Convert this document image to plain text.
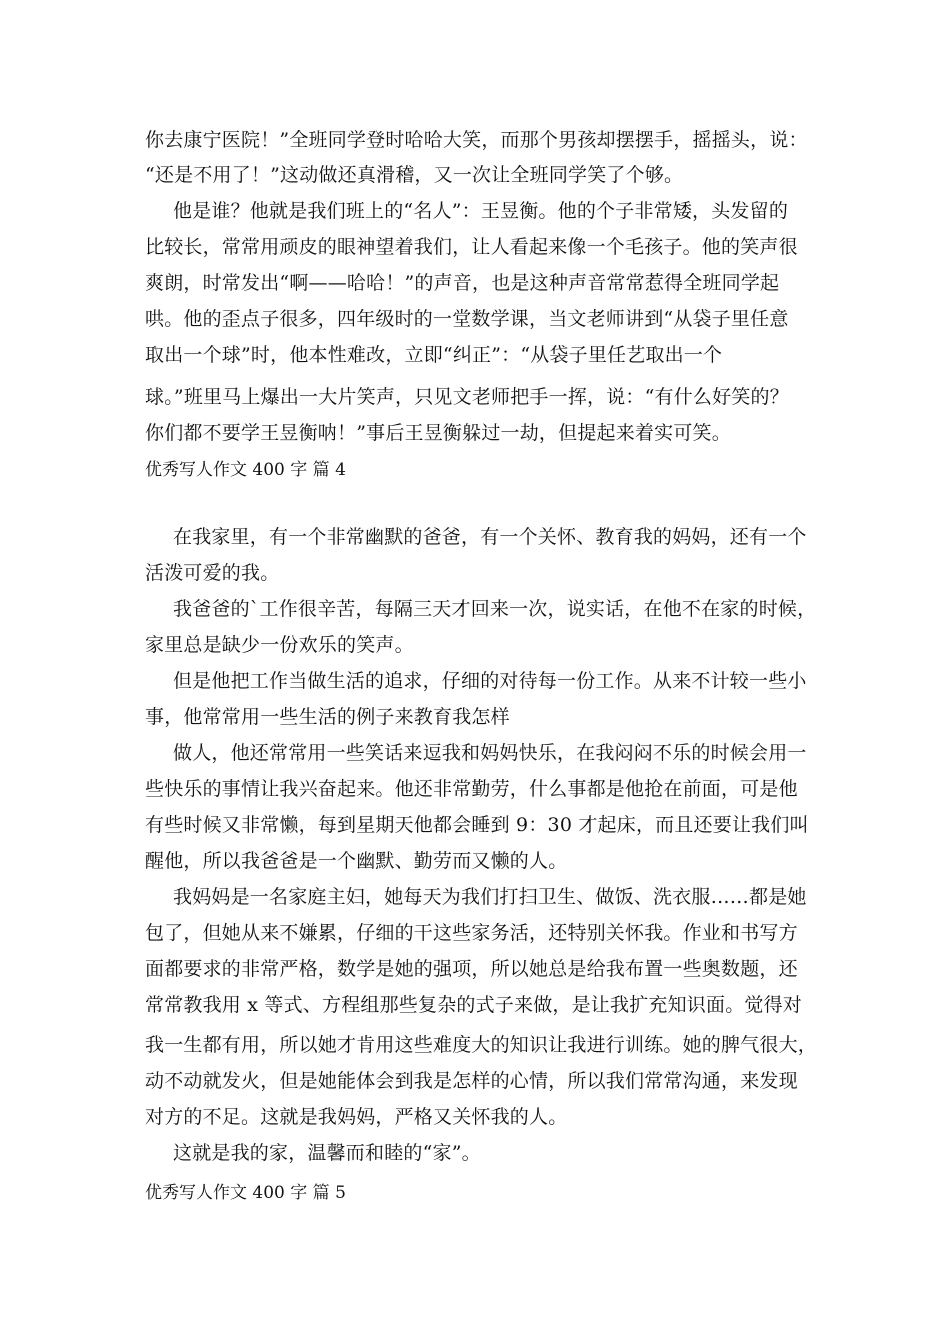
你去康宁医院！”全班同学登时哈哈大笑，而那个男孩却摆摆手，摇摇头，说：
“还是不用了！”这动做还真滑稽，又一次让全班同学笑了个够。
他是谁？他就是我们班上的“名人”：王昱衡。他的个子非常矮，头发留的
比较长，常常用顽皮的眼神望着我们，让人看起来像一个毛孩子。他的笑声很
爽朗，时常发出“啊——哈哈！”的声音，也是这种声音常常惹得全班同学起
哄。他的歪点子很多，四年级时的一堂数学课，当文老师讲到“从袋子里任意
取出一个球”时，他本性难改，立即“纠正”：“从袋子里任艺取出一个
球。”班里马上爆出一大片笑声，只见文老师把手一挥，说：“有什么好笑的？
你们都不要学王昱衡呐！”事后王昱衡躲过一劫，但提起来着实可笑。
优秀写人作文 400 字 篇 4
在我家里，有一个非常幽默的爸爸，有一个关怀、教育我的妈妈，还有一个
活泼可爱的我。
我爸爸的`工作很辛苦，每隔三天才回来一次，说实话，在他不在家的时候，
家里总是缺少一份欢乐的笑声。
但是他把工作当做生活的追求，仔细的对待每一份工作。从来不计较一些小
事，他常常用一些生活的例子来教育我怎样
做人，他还常常用一些笑话来逗我和妈妈快乐，在我闷闷不乐的时候会用一
些快乐的事情让我兴奋起来。他还非常勤劳，什么事都是他抢在前面，可是他
有些时候又非常懒，每到星期天他都会睡到 9：30 才起床，而且还要让我们叫
醒他，所以我爸爸是一个幽默、勤劳而又懒的人。
我妈妈是一名家庭主妇，她每天为我们打扫卫生、做饭、洗衣服……都是她
包了，但她从来不嫌累，仔细的干这些家务活，还特别关怀我。作业和书写方
面都要求的非常严格，数学是她的强项，所以她总是给我布置一些奥数题，还
常常教我用 x 等式、方程组那些复杂的式子来做，是让我扩充知识面。觉得对
我一生都有用，所以她才肯用这些难度大的知识让我进行训练。她的脾气很大，
动不动就发火，但是她能体会到我是怎样的心情，所以我们常常沟通，来发现
对方的不足。这就是我妈妈，严格又关怀我的人。
这就是我的家，温馨而和睦的“家”。
优秀写人作文 400 字 篇 5
